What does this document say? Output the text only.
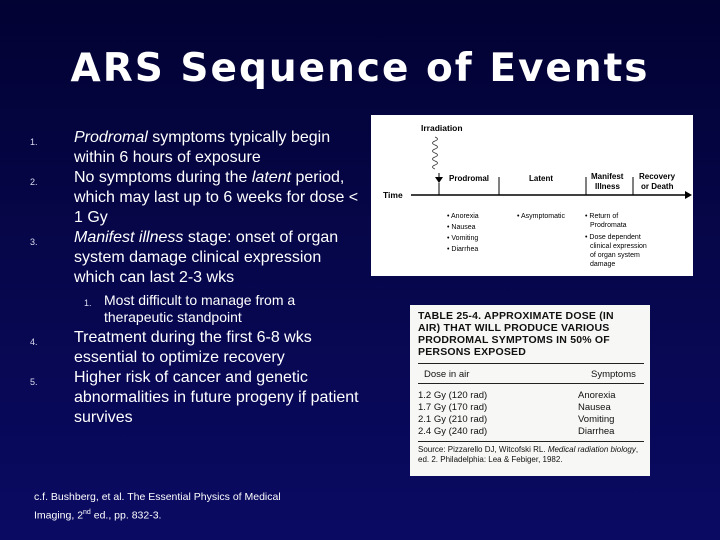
ARS Sequence of Events
1. Prodromal symptoms typically begin within 6 hours of exposure
2. No symptoms during the latent period, which may last up to 6 weeks for dose < 1 Gy
3. Manifest illness stage: onset of organ system damage clinical expression which can last 2-3 wks
1. Most difficult to manage from a therapeutic standpoint
4. Treatment during the first 6-8 wks essential to optimize recovery
5. Higher risk of cancer and genetic abnormalities in future progeny if patient survives
Irradiation
Time
Prodromal	Latent	Manifest
Illness
Recovery
or Death
• Anorexia
• Nausea
• Vomiting
• Diarrhea
• Asymptomatic	• Return of
Prodromata
• Dose dependent
clinical expression
of organ system
damage
TABLE 25-4. APPROXIMATE DOSE (IN
AIR) THAT WILL PRODUCE VARIOUS
PRODROMAL SYMPTOMS IN 50% OF
PERSONS EXPOSED
Dose in air	Symptoms
1.2 Gy (120 rad)	Anorexia
1.7 Gy (170 rad)	Nausea
2.1 Gy (210 rad)	Vomiting
2.4 Gy (240 rad)	Diarrhea
Source: Pizzarello DJ, Witcofski RL. Medical radiation biology, ed. 2. Philadelphia: Lea & Febiger, 1982.
c.f. Bushberg, et al. The Essential Physics of Medical
Imaging, 2nd ed., pp. 832-3.
